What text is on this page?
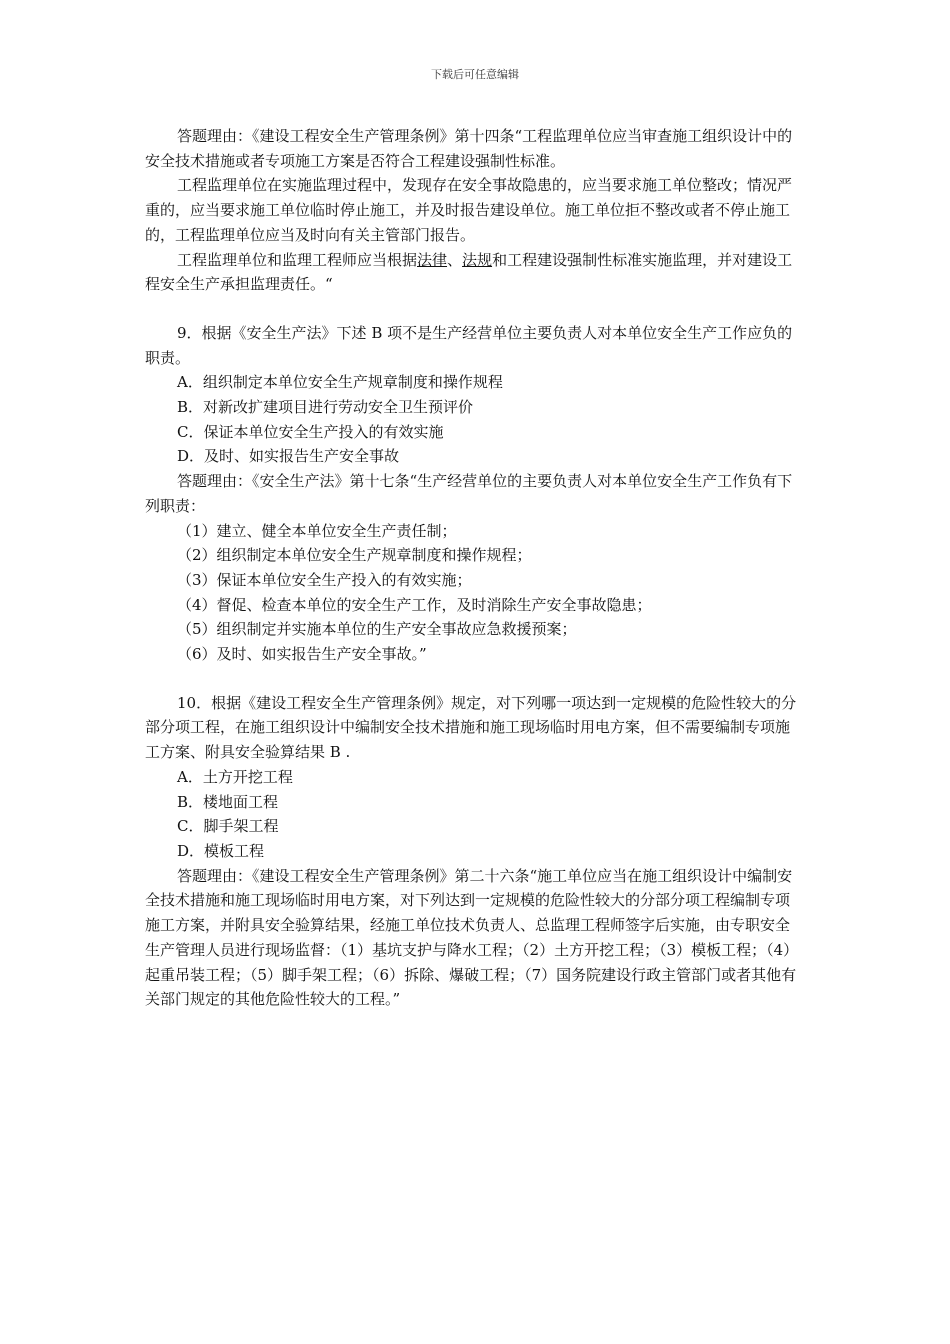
下载后可任意编辑

答题理由：《建设工程安全生产管理条例》第十四条“工程监理单位应当审查施工组织设计中的安全技术措施或者专项施工方案是否符合工程建设强制性标准。

工程监理单位在实施监理过程中，发现存在安全事故隐患的，应当要求施工单位整改；情况严重的，应当要求施工单位临时停止施工，并及时报告建设单位。施工单位拒不整改或者不停止施工的，工程监理单位应当及时向有关主管部门报告。

工程监理单位和监理工程师应当根据法律、法规和工程建设强制性标准实施监理，并对建设工程安全生产承担监理责任。“

9．根据《安全生产法》下述 B 项不是生产经营单位主要负责人对本单位安全生产工作应负的职责。

A．组织制定本单位安全生产规章制度和操作规程

B．对新改扩建项目进行劳动安全卫生预评价

C．保证本单位安全生产投入的有效实施

D．及时、如实报告生产安全事故

答题理由：《安全生产法》第十七条“生产经营单位的主要负责人对本单位安全生产工作负有下列职责：

（1）建立、健全本单位安全生产责任制；

（2）组织制定本单位安全生产规章制度和操作规程；

（3）保证本单位安全生产投入的有效实施；

（4）督促、检查本单位的安全生产工作，及时消除生产安全事故隐患；

（5）组织制定并实施本单位的生产安全事故应急救援预案；

（6）及时、如实报告生产安全事故。”

10．根据《建设工程安全生产管理条例》规定，对下列哪一项达到一定规模的危险性较大的分部分项工程，在施工组织设计中编制安全技术措施和施工现场临时用电方案，但不需要编制专项施工方案、附具安全验算结果 B .

A．土方开挖工程

B．楼地面工程

C．脚手架工程

D．模板工程

答题理由：《建设工程安全生产管理条例》第二十六条“施工单位应当在施工组织设计中编制安全技术措施和施工现场临时用电方案，对下列达到一定规模的危险性较大的分部分项工程编制专项施工方案，并附具安全验算结果，经施工单位技术负责人、总监理工程师签字后实施，由专职安全生产管理人员进行现场监督：（1）基坑支护与降水工程；（2）土方开挖工程；（3）模板工程；（4）起重吊装工程；（5）脚手架工程；（6）拆除、爆破工程；（7）国务院建设行政主管部门或者其他有关部门规定的其他危险性较大的工程。”
